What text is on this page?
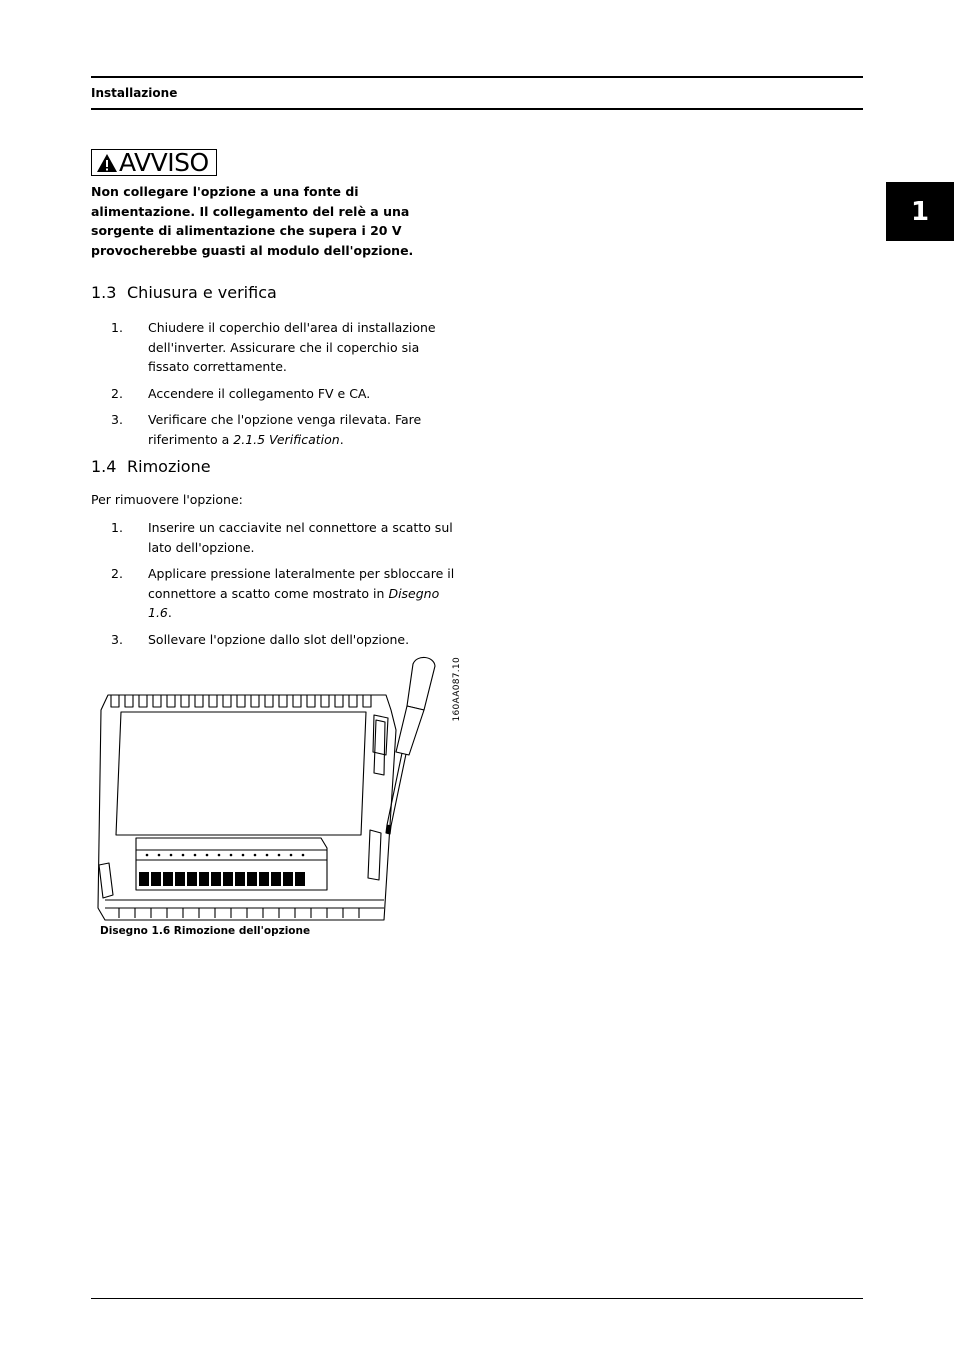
Installazione
1
AVVISO
Non collegare l'opzione a una fonte di alimentazione. Il collegamento del relè a una sorgente di alimentazione che supera i 20 V provocherebbe guasti al modulo dell'opzione.
1.3 Chiusura e verifica
1. Chiudere il coperchio dell'area di installazione dell'inverter. Assicurare che il coperchio sia fissato correttamente.
2. Accendere il collegamento FV e CA.
3. Verificare che l'opzione venga rilevata. Fare riferimento a 2.1.5 Verification.
1.4 Rimozione
Per rimuovere l'opzione:
1. Inserire un cacciavite nel connettore a scatto sul lato dell'opzione.
2. Applicare pressione lateralmente per sbloccare il connettore a scatto come mostrato in Disegno 1.6.
3. Sollevare l'opzione dallo slot dell'opzione.
160AA087.10
Disegno 1.6 Rimozione dell'opzione
